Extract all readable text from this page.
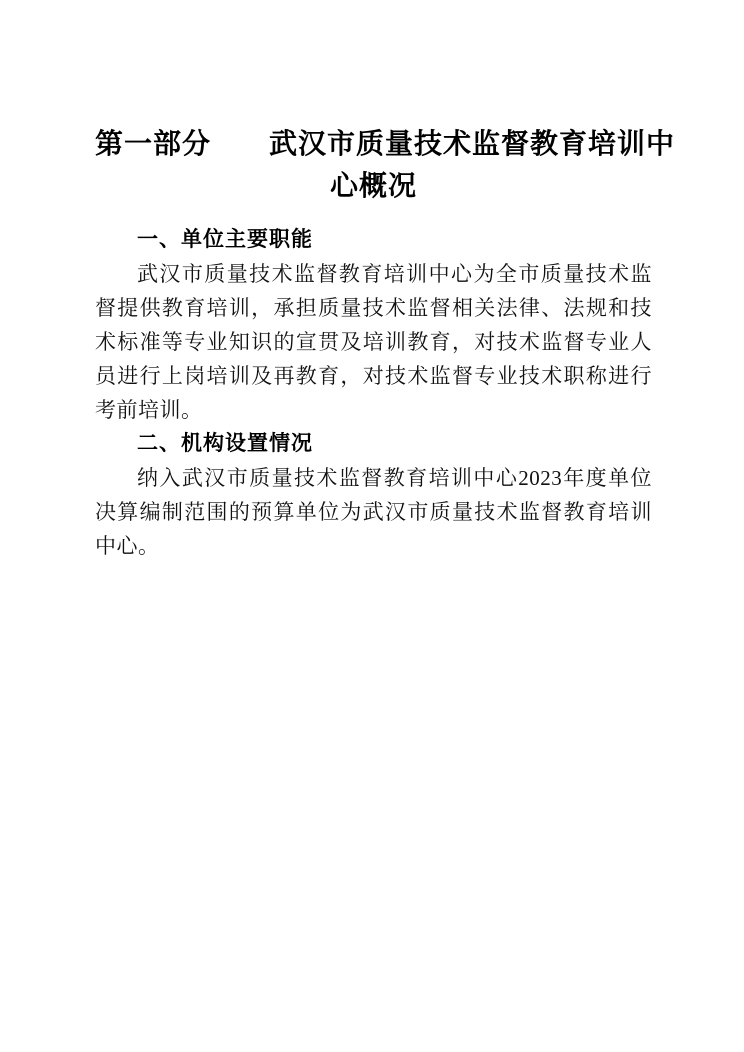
第一部分　　武汉市质量技术监督教育培训中
心概况
一、单位主要职能

武汉市质量技术监督教育培训中心为全市质量技术监督提供教育培训，承担质量技术监督相关法律、法规和技术标准等专业知识的宣贯及培训教育，对技术监督专业人员进行上岗培训及再教育，对技术监督专业技术职称进行考前培训。

二、机构设置情况

纳入武汉市质量技术监督教育培训中心2023年度单位决算编制范围的预算单位为武汉市质量技术监督教育培训中心。
